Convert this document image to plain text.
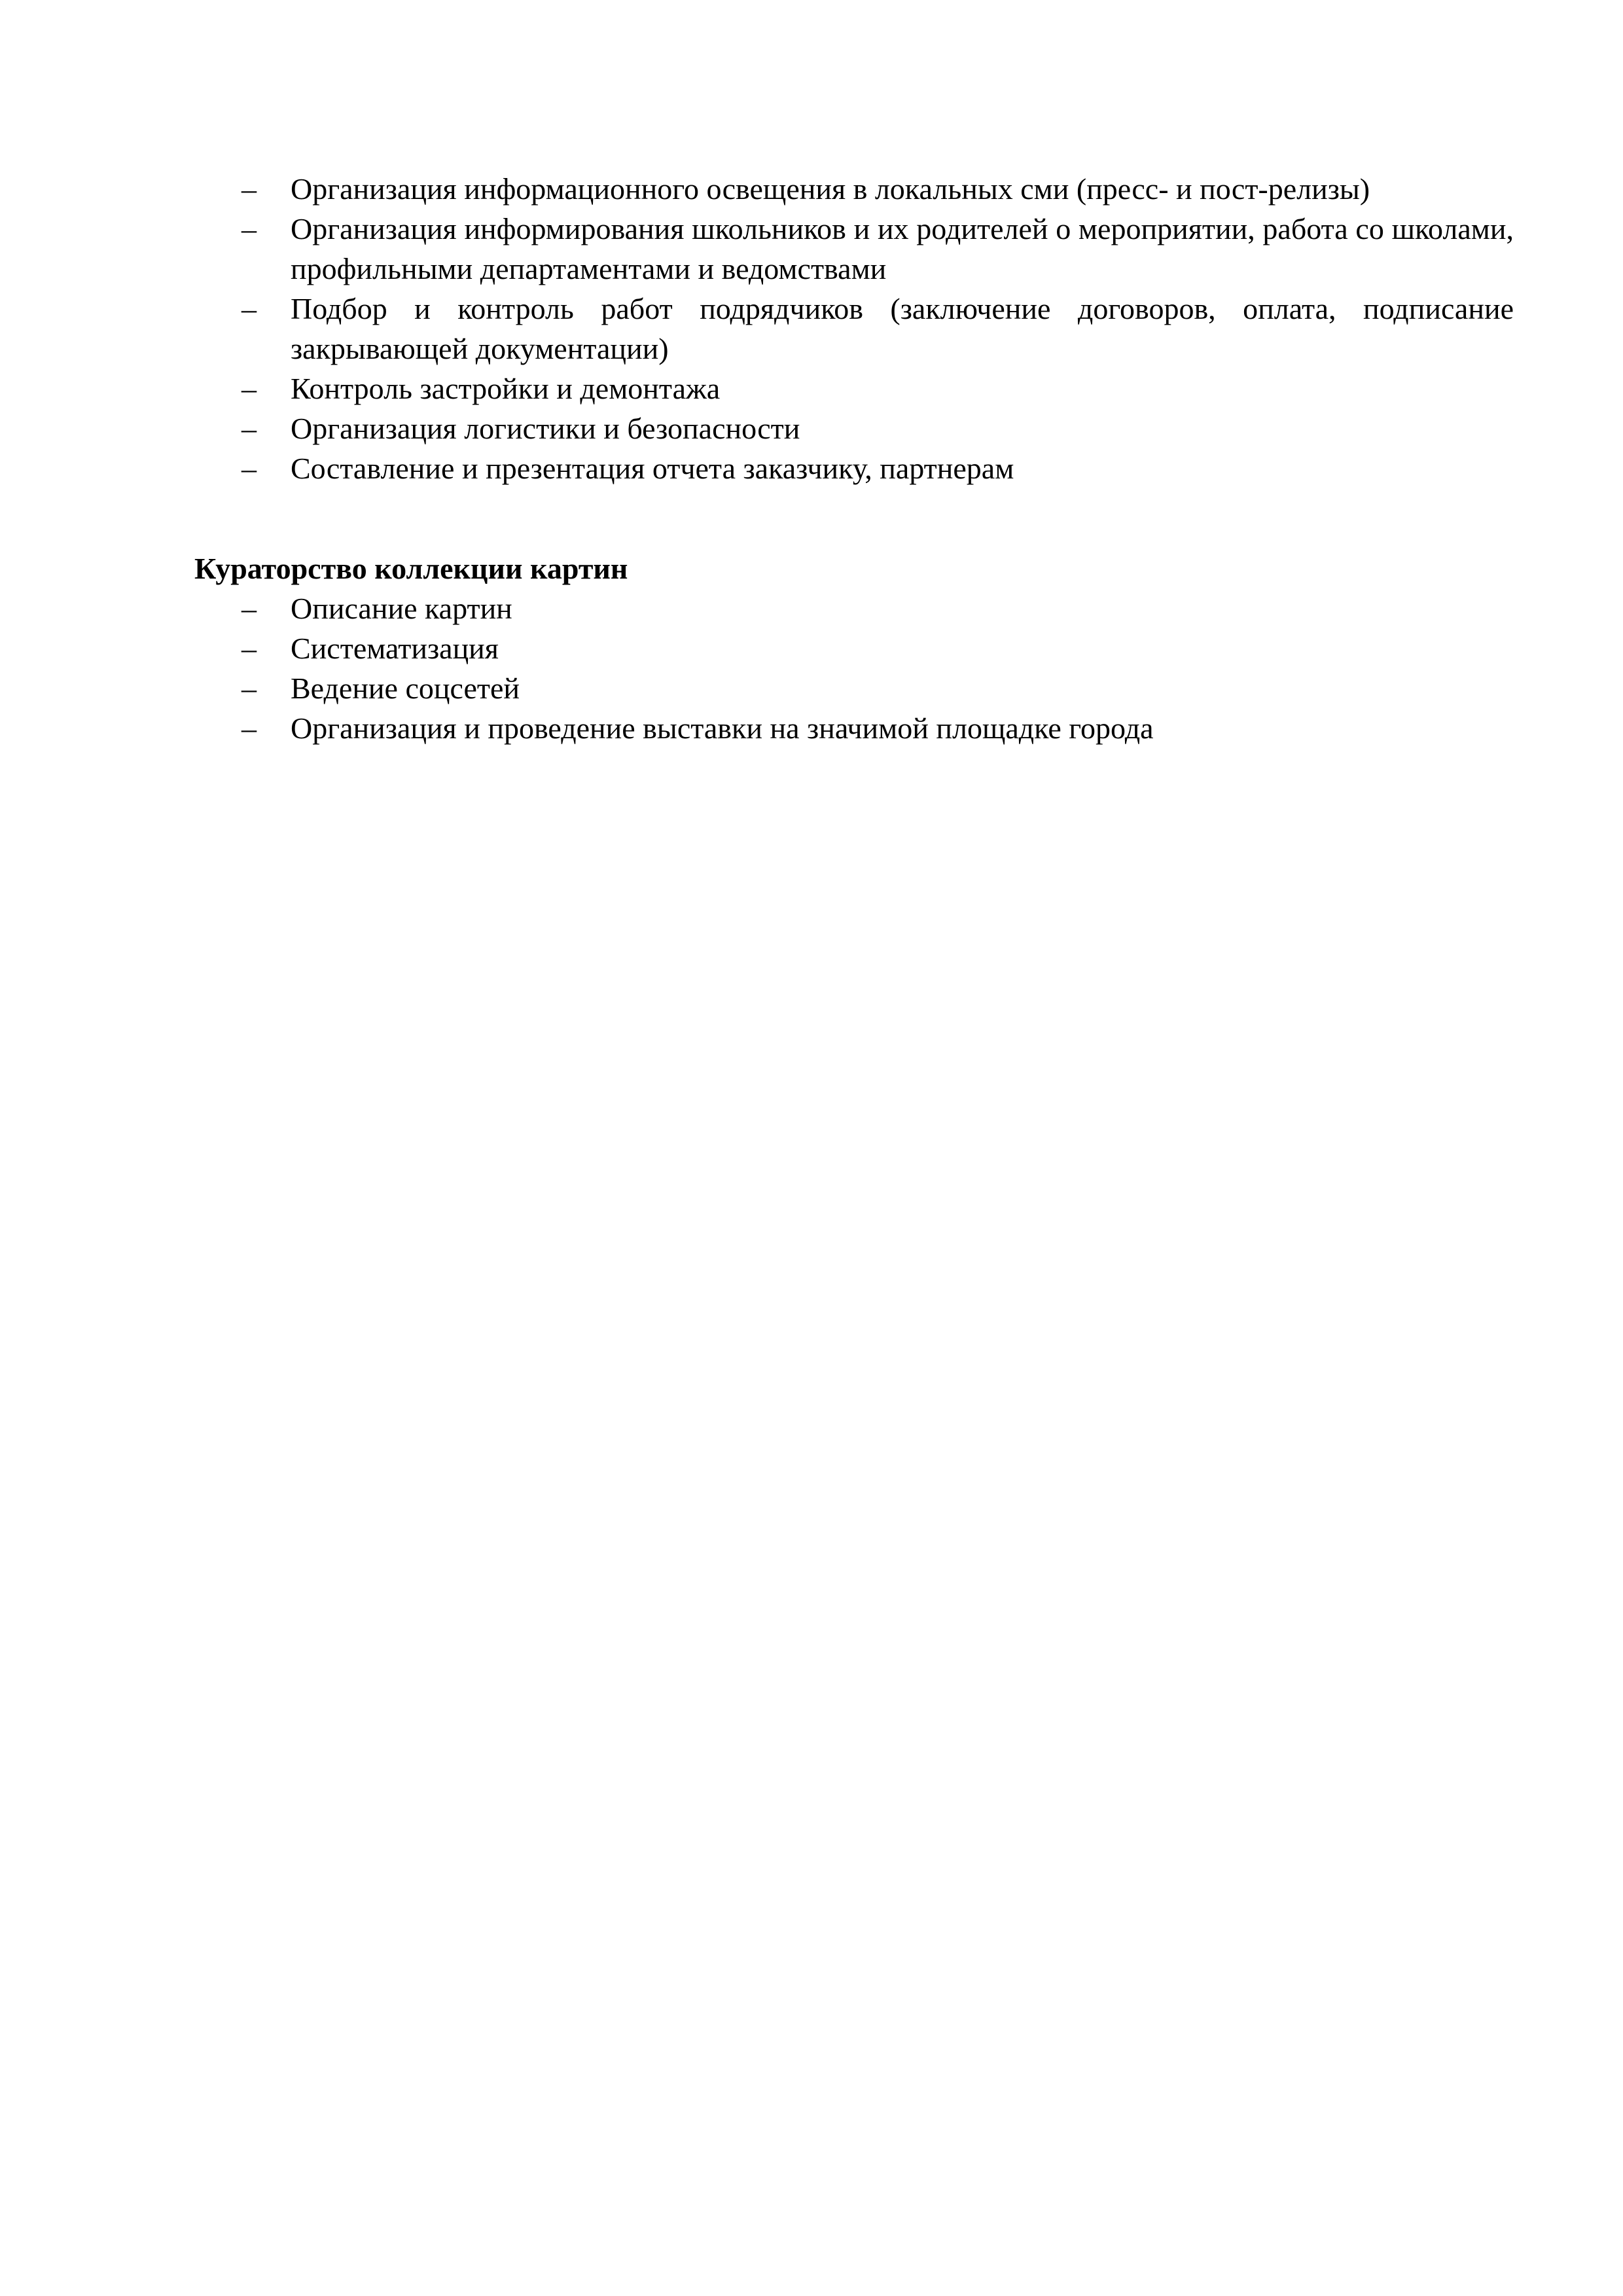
–	Организация информационного освещения в локальных сми (пресс- и пост-релизы)
–	Организация информирования школьников и их родителей о мероприятии, работа со школами, профильными департаментами и ведомствами
–	Подбор и контроль работ подрядчиков (заключение договоров, оплата, подписание закрывающей документации)
–	Контроль застройки и демонтажа
–	Организация логистики и безопасности
–	Составление и презентация отчета заказчику, партнерам

Кураторство коллекции картин

–	Описание картин
–	Систематизация
–	Ведение соцсетей
–	Организация и проведение выставки на значимой площадке города
